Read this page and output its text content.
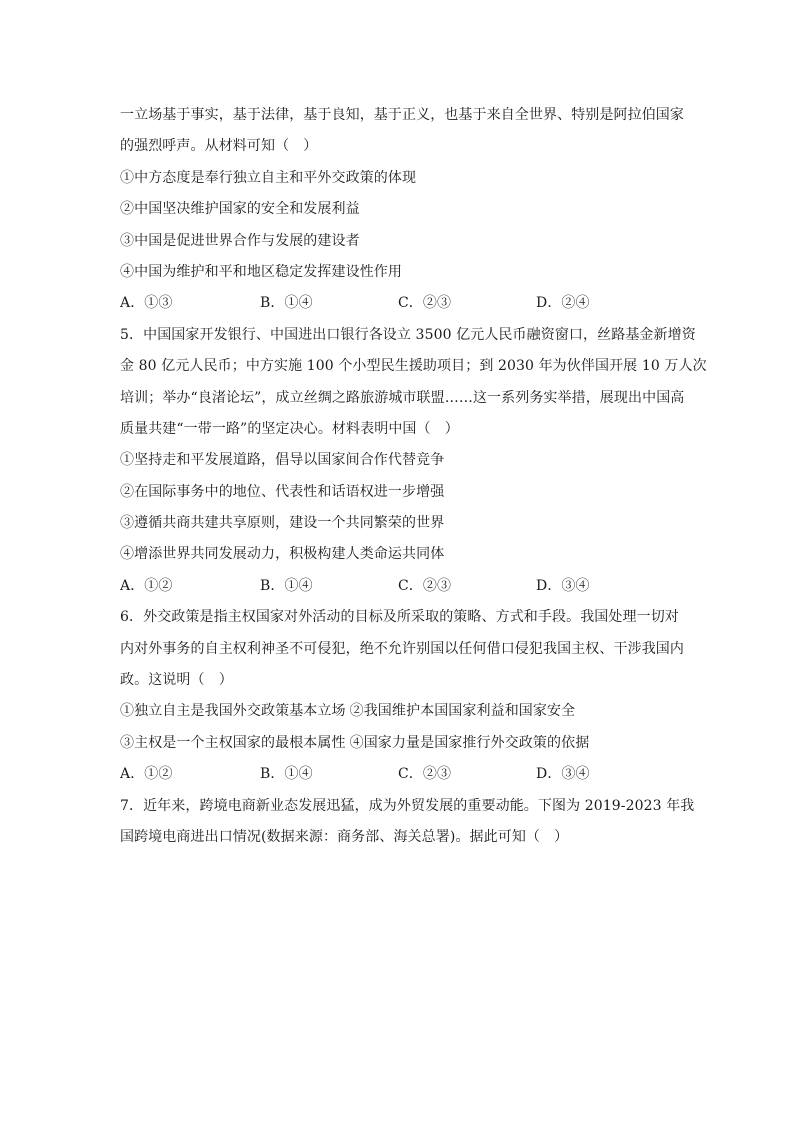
一立场基于事实，基于法律，基于良知，基于正义，也基于来自全世界、特别是阿拉伯国家
的强烈呼声。从材料可知（　）
①中方态度是奉行独立自主和平外交政策的体现
②中国坚决维护国家的安全和发展利益
③中国是促进世界合作与发展的建设者
④中国为维护和平和地区稳定发挥建设性作用
A．①③	B．①④	C．②③	D．②④
5．中国国家开发银行、中国进出口银行各设立 3500 亿元人民币融资窗口，丝路基金新增资
金 80 亿元人民币；中方实施 100 个小型民生援助项目；到 2030 年为伙伴国开展 10 万人次
培训；举办“良渚论坛”，成立丝绸之路旅游城市联盟……这一系列务实举措，展现出中国高
质量共建“一带一路”的坚定决心。材料表明中国（　）
①坚持走和平发展道路，倡导以国家间合作代替竞争
②在国际事务中的地位、代表性和话语权进一步增强
③遵循共商共建共享原则，建设一个共同繁荣的世界
④增添世界共同发展动力，积极构建人类命运共同体
A．①②	B．①④	C．②③	D．③④
6．外交政策是指主权国家对外活动的目标及所采取的策略、方式和手段。我国处理一切对
内对外事务的自主权利神圣不可侵犯，绝不允许别国以任何借口侵犯我国主权、干涉我国内
政。这说明（　）
①独立自主是我国外交政策基本立场 ②我国维护本国国家利益和国家安全
③主权是一个主权国家的最根本属性 ④国家力量是国家推行外交政策的依据
A．①②	B．①④	C．②③	D．③④
7．近年来，跨境电商新业态发展迅猛，成为外贸发展的重要动能。下图为 2019-2023 年我
国跨境电商进出口情况(数据来源：商务部、海关总署)。据此可知（　）
